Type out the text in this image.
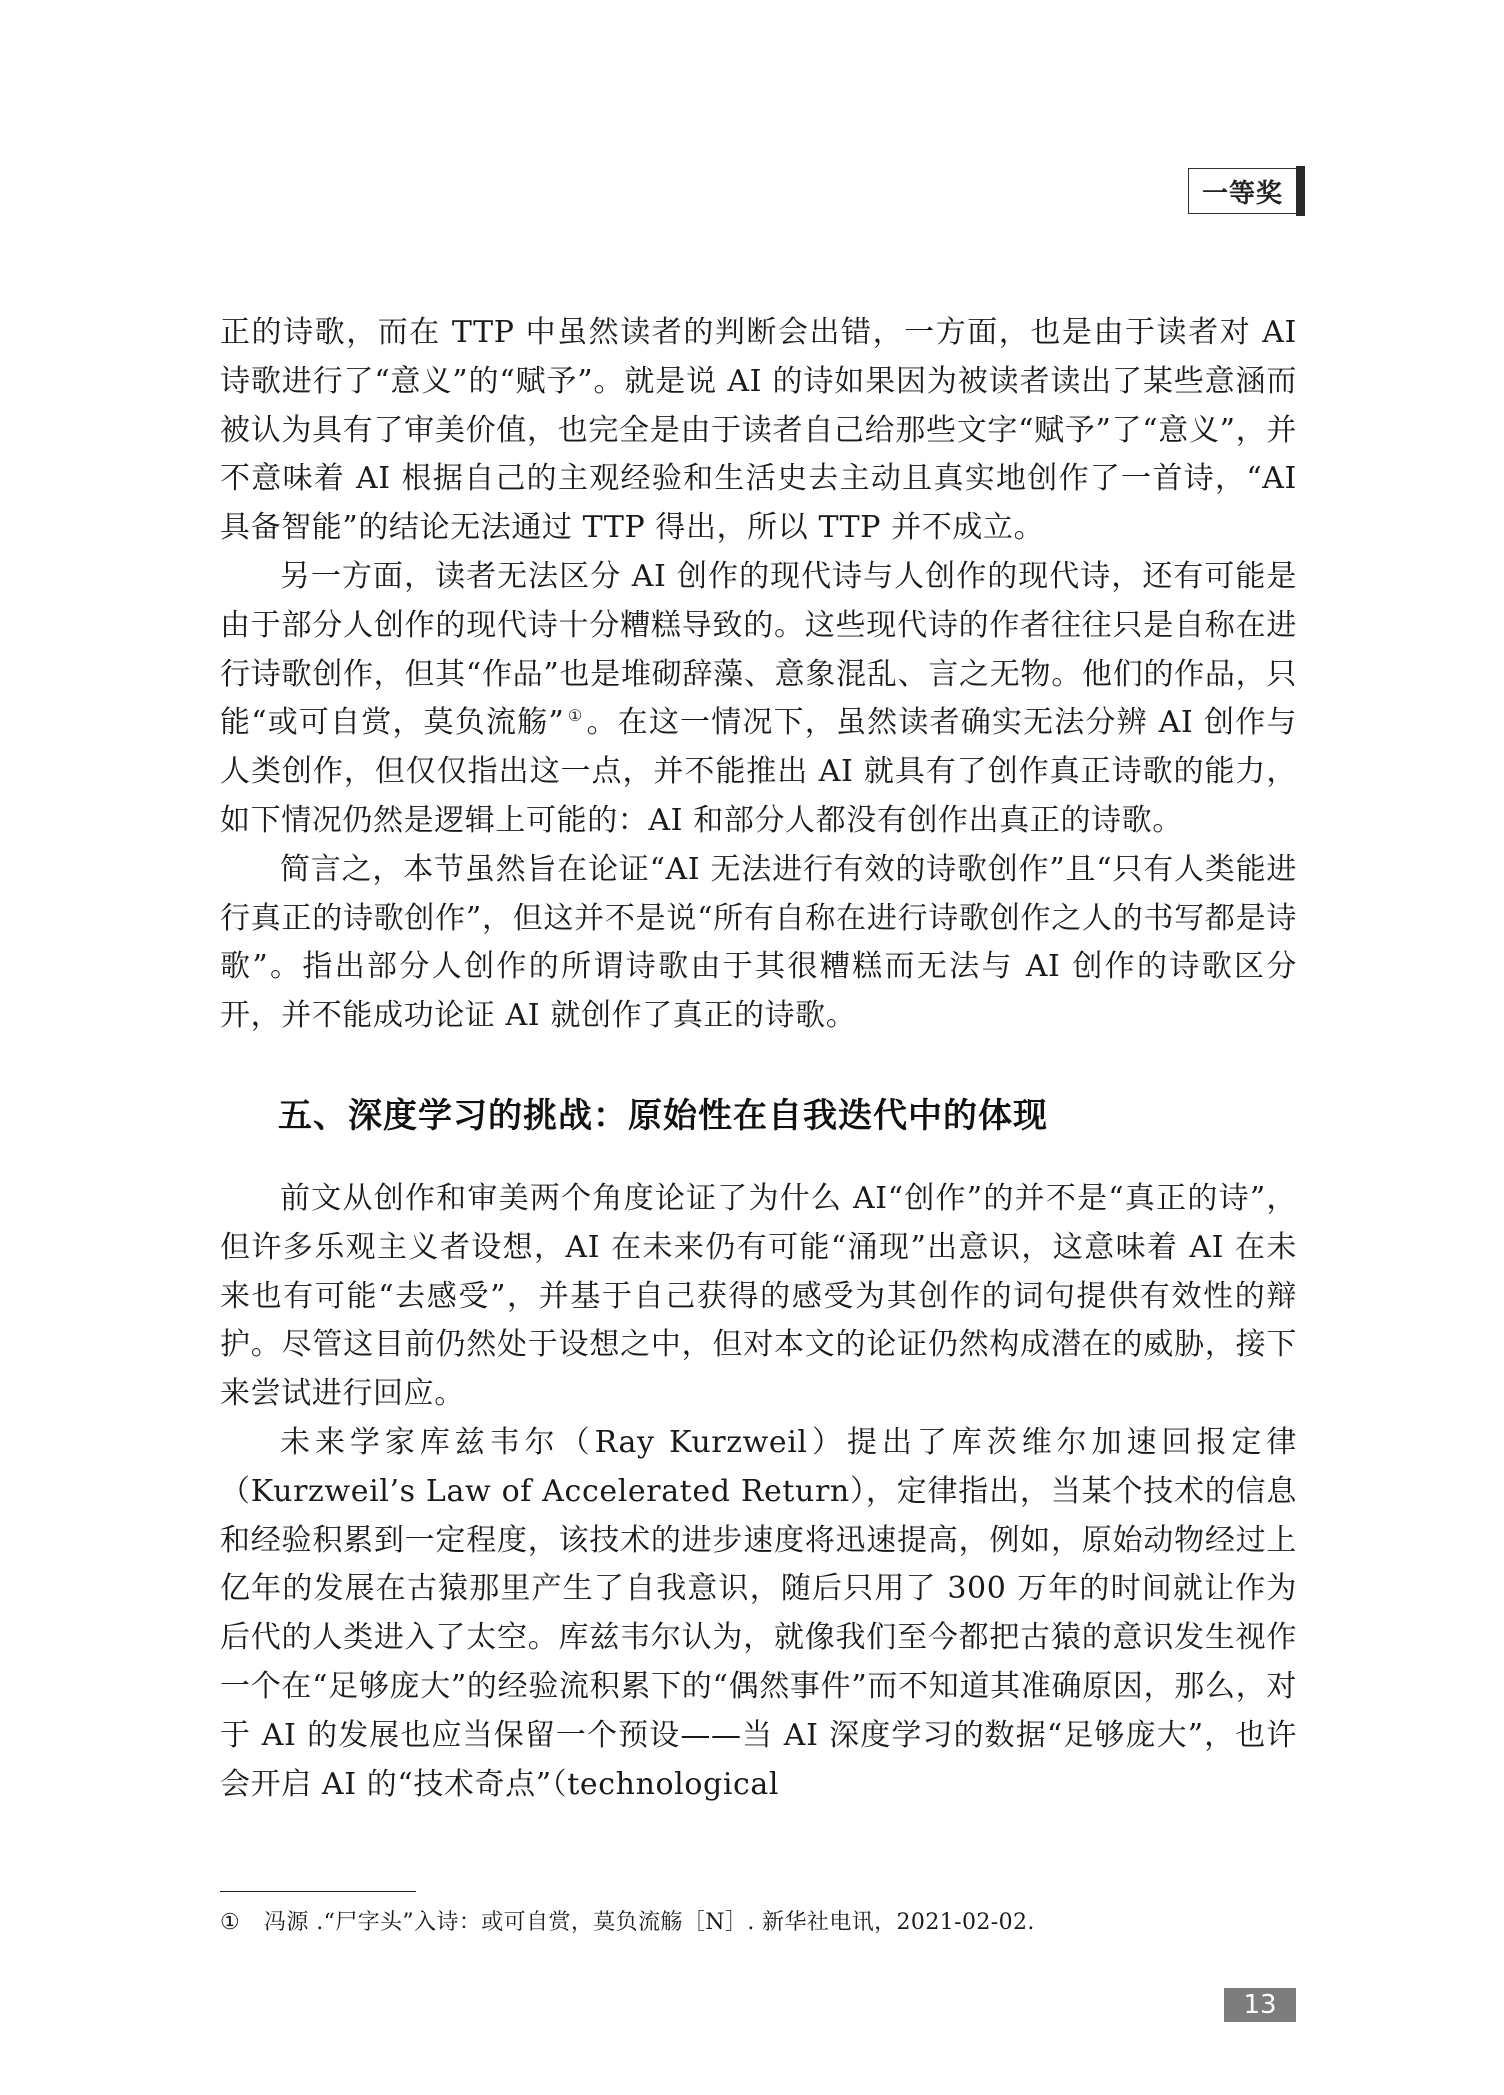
一等奖

正的诗歌，而在 TTP 中虽然读者的判断会出错，一方面，也是由于读者对 AI 诗歌进行了“意义”的“赋予”。就是说 AI 的诗如果因为被读者读出了某些意涵而被认为具有了审美价值，也完全是由于读者自己给那些文字“赋予”了“意义”，并不意味着 AI 根据自己的主观经验和生活史去主动且真实地创作了一首诗，“AI 具备智能”的结论无法通过 TTP 得出，所以 TTP 并不成立。

另一方面，读者无法区分 AI 创作的现代诗与人创作的现代诗，还有可能是由于部分人创作的现代诗十分糟糕导致的。这些现代诗的作者往往只是自称在进行诗歌创作，但其“作品”也是堆砌辞藻、意象混乱、言之无物。他们的作品，只能“或可自赏，莫负流觞” ① 。在这一情况下，虽然读者确实无法分辨 AI 创作与人类创作，但仅仅指出这一点，并不能推出 AI 就具有了创作真正诗歌的能力，如下情况仍然是逻辑上可能的：AI 和部分人都没有创作出真正的诗歌。

简言之，本节虽然旨在论证“AI 无法进行有效的诗歌创作”且“只有人类能进行真正的诗歌创作”，但这并不是说“所有自称在进行诗歌创作之人的书写都是诗歌”。指出部分人创作的所谓诗歌由于其很糟糕而无法与 AI 创作的诗歌区分开，并不能成功论证 AI 就创作了真正的诗歌。

五、深度学习的挑战：原始性在自我迭代中的体现

前文从创作和审美两个角度论证了为什么 AI“创作”的并不是“真正的诗”，但许多乐观主义者设想，AI 在未来仍有可能“涌现”出意识，这意味着 AI 在未来也有可能“去感受”，并基于自己获得的感受为其创作的词句提供有效性的辩护。尽管这目前仍然处于设想之中，但对本文的论证仍然构成潜在的威胁，接下来尝试进行回应。

未来学家库兹韦尔（Ray Kurzweil）提出了库茨维尔加速回报定律（Kurzweil’s Law of Accelerated Return），定律指出，当某个技术的信息和经验积累到一定程度，该技术的进步速度将迅速提高，例如，原始动物经过上亿年的发展在古猿那里产生了自我意识，随后只用了 300 万年的时间就让作为后代的人类进入了太空。库兹韦尔认为，就像我们至今都把古猿的意识发生视作一个在“足够庞大”的经验流积累下的“偶然事件”而不知道其准确原因，那么，对于 AI 的发展也应当保留一个预设——当 AI 深度学习的数据“足够庞大”，也许会开启 AI 的“技术奇点”（technological

① 冯源 .“尸字头”入诗：或可自赏，莫负流觞［N］. 新华社电讯，2021-02-02.
13
